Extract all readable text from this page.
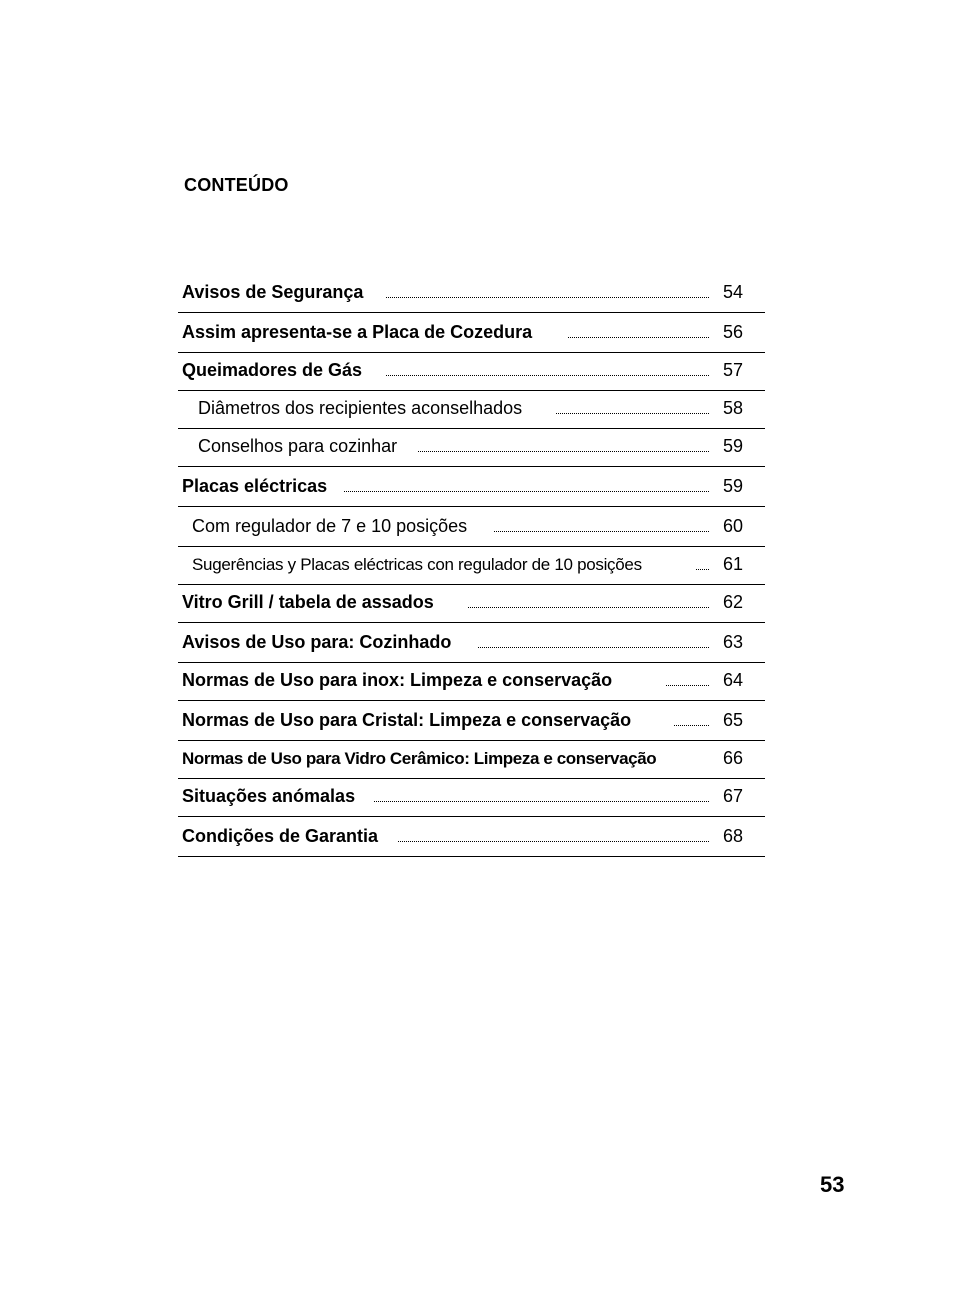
CONTEÚDO
Avisos de Segurança	54
Assim apresenta-se a Placa de Cozedura	56
Queimadores de Gás	57
Diâmetros dos recipientes aconselhados	58
Conselhos para cozinhar	59
Placas eléctricas	59
Com regulador de 7 e 10 posições	60
Sugerências y Placas eléctricas con regulador de 10 posições	61
Vitro Grill / tabela de assados	62
Avisos de Uso para: Cozinhado	63
Normas de Uso para inox: Limpeza e conservação	64
Normas de Uso para Cristal: Limpeza e conservação	65
Normas de Uso para Vidro Cerâmico: Limpeza e conservação	66
Situações anómalas	67
Condições de Garantia	68
53
